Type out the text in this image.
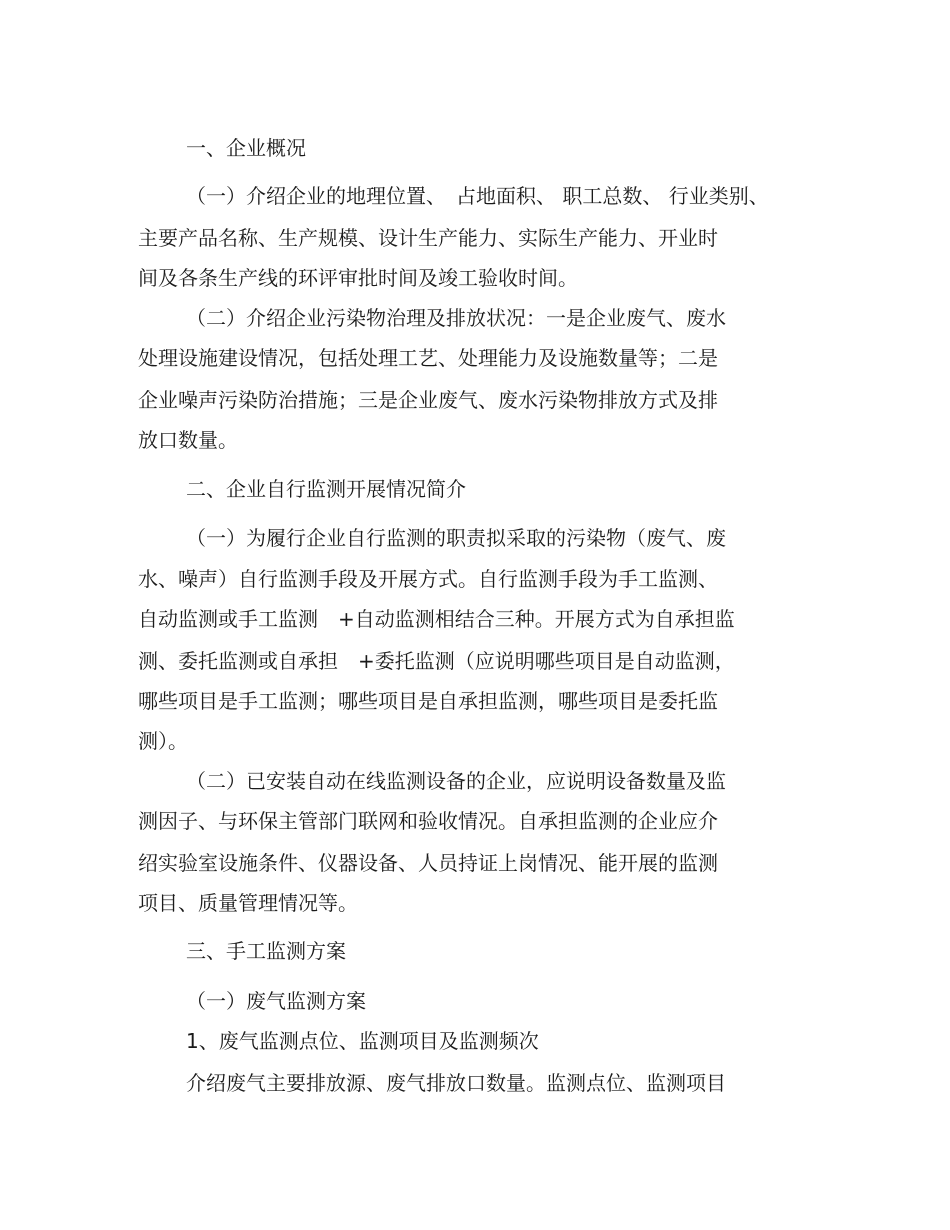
一、企业概况
（一）介绍企业的地理位置、　占地面积、 职工总数、 行业类别、
主要产品名称、生产规模、设计生产能力、实际生产能力、开业时
间及各条生产线的环评审批时间及竣工验收时间。
（二）介绍企业污染物治理及排放状况：一是企业废气、废水
处理设施建设情况，包括处理工艺、处理能力及设施数量等；二是
企业噪声污染防治措施；三是企业废气、废水污染物排放方式及排
放口数量。
二、企业自行监测开展情况简介
（一）为履行企业自行监测的职责拟采取的污染物（废气、废
水、噪声）自行监测手段及开展方式。自行监测手段为手工监测、
自动监测或手工监测　+自动监测相结合三种。开展方式为自承担监
测、委托监测或自承担　+委托监测（应说明哪些项目是自动监测，
哪些项目是手工监测；哪些项目是自承担监测，哪些项目是委托监
测）。
（二）已安装自动在线监测设备的企业，应说明设备数量及监
测因子、与环保主管部门联网和验收情况。自承担监测的企业应介
绍实验室设施条件、仪器设备、人员持证上岗情况、能开展的监测
项目、质量管理情况等。
三、手工监测方案
（一）废气监测方案
1、废气监测点位、监测项目及监测频次
介绍废气主要排放源、废气排放口数量。监测点位、监测项目
